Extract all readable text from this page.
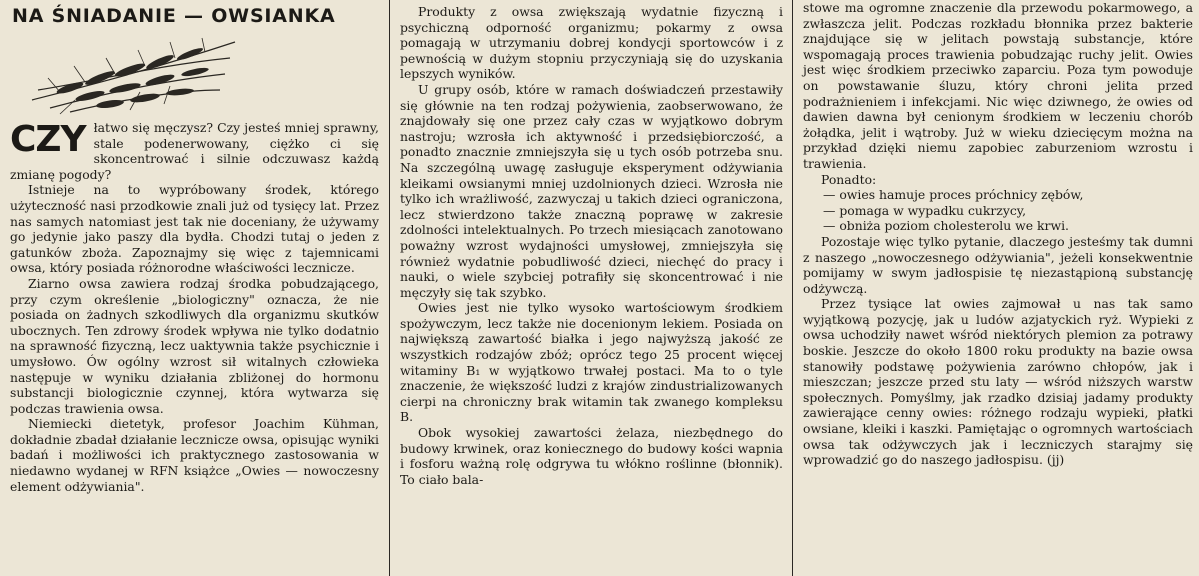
NA ŚNIADANIE — OWSIANKA
CZY łatwo się męczysz? Czy jesteś mniej sprawny, stale podenerwowany, ciężko ci się skoncentrować i silnie odczuwasz każdą zmianę pogody?

Istnieje na to wypróbowany środek, którego użyteczność nasi przodkowie znali już od tysięcy lat. Przez nas samych natomiast jest tak nie doceniany, że używamy go jedynie jako paszy dla bydła. Chodzi tutaj o jeden z gatunków zboża. Zapoznajmy się więc z tajemnicami owsa, który posiada różnorodne właściwości lecznicze.

Ziarno owsa zawiera rodzaj środka pobudzającego, przy czym określenie „biologiczny" oznacza, że nie posiada on żadnych szkodliwych dla organizmu skutków ubocznych. Ten zdrowy środek wpływa nie tylko dodatnio na sprawność fizyczną, lecz uaktywnia także psychicznie i umysłowo. Ów ogólny wzrost sił witalnych człowieka następuje w wyniku działania zbliżonej do hormonu substancji biologicznie czynnej, która wytwarza się podczas trawienia owsa.

Niemiecki dietetyk, profesor Joachim Kühman, dokładnie zbadał działanie lecznicze owsa, opisując wyniki badań i możliwości ich praktycznego zastosowania w niedawno wydanej w RFN książce „Owies — nowoczesny element odżywiania".

Produkty z owsa zwiększają wydatnie fizyczną i psychiczną odporność organizmu; pokarmy z owsa pomagają w utrzymaniu dobrej kondycji sportowców i z pewnością w dużym stopniu przyczyniają się do uzyskania lepszych wyników.

U grupy osób, które w ramach doświadczeń przestawiły się głównie na ten rodzaj pożywienia, zaobserwowano, że znajdowały się one przez cały czas w wyjątkowo dobrym nastroju; wzrosła ich aktywność i przedsiębiorczość, a ponadto znacznie zmniejszyła się u tych osób potrzeba snu. Na szczególną uwagę zasługuje eksperyment odżywiania kleikami owsianymi mniej uzdolnionych dzieci. Wzrosła nie tylko ich wrażliwość, zazwyczaj u takich dzieci ograniczona, lecz stwierdzono także znaczną poprawę w zakresie zdolności intelektualnych. Po trzech miesiącach zanotowano poważny wzrost wydajności umysłowej, zmniejszyła się również wydatnie pobudliwość dzieci, niechęć do pracy i nauki, o wiele szybciej potrafiły się skoncentrować i nie męczyły się tak szybko.

Owies jest nie tylko wysoko wartościowym środkiem spożywczym, lecz także nie docenionym lekiem. Posiada on największą zawartość białka i jego najwyższą jakość ze wszystkich rodzajów zbóż; oprócz tego 25 procent więcej witaminy B₁ w wyjątkowo trwałej postaci. Ma to o tyle znaczenie, że większość ludzi z krajów zindustrializowanych cierpi na chroniczny brak witamin tak zwanego kompleksu B.

Obok wysokiej zawartości żelaza, niezbędnego do budowy krwinek, oraz koniecznego do budowy kości wapnia i fosforu ważną rolę odgrywa tu włókno roślinne (błonnik). To ciało bala-

stowe ma ogromne znaczenie dla przewodu pokarmowego, a zwłaszcza jelit. Podczas rozkładu błonnika przez bakterie znajdujące się w jelitach powstają substancje, które wspomagają proces trawienia pobudzając ruchy jelit. Owies jest więc środkiem przeciwko zaparciu. Poza tym powoduje on powstawanie śluzu, który chroni jelita przed podrażnieniem i infekcjami. Nic więc dziwnego, że owies od dawien dawna był cenionym środkiem w leczeniu chorób żołądka, jelit i wątroby. Już w wieku dziecięcym można na przykład dzięki niemu zapobiec zaburzeniom wzrostu i trawienia.

Ponadto:

— owies hamuje proces próchnicy zębów,

— pomaga w wypadku cukrzycy,

— obniża poziom cholesterolu we krwi.

Pozostaje więc tylko pytanie, dlaczego jesteśmy tak dumni z naszego „nowoczesnego odżywiania", jeżeli konsekwentnie pomijamy w swym jadłospisie tę niezastąpioną substancję odżywczą.

Przez tysiące lat owies zajmował u nas tak samo wyjątkową pozycję, jak u ludów azjatyckich ryż. Wypieki z owsa uchodziły nawet wśród niektórych plemion za potrawy boskie. Jeszcze do około 1800 roku produkty na bazie owsa stanowiły podstawę pożywienia zarówno chłopów, jak i mieszczan; jeszcze przed stu laty — wśród niższych warstw społecznych. Pomyślmy, jak rzadko dzisiaj jadamy produkty zawierające cenny owies: różnego rodzaju wypieki, płatki owsiane, kleiki i kaszki. Pamiętając o ogromnych wartościach owsa tak odżywczych jak i leczniczych starajmy się wprowadzić go do naszego jadłospisu. (jj)
